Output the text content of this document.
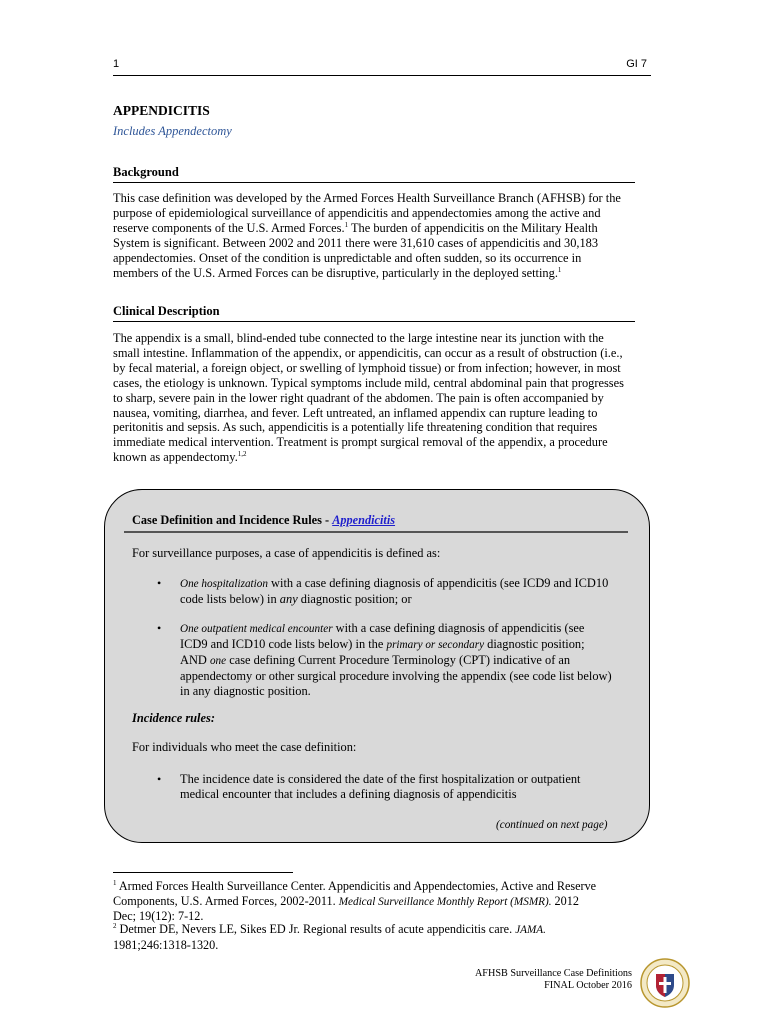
1	GI 7
APPENDICITIS
Includes Appendectomy
Background

This case definition was developed by the Armed Forces Health Surveillance Branch (AFHSB) for the

purpose of epidemiological surveillance of appendicitis and appendectomies among the active and

reserve components of the U.S. Armed Forces.$^1$ The burden of appendicitis on the Military Health

System is significant. Between 2002 and 2011 there were 31,610 cases of appendicitis and 30,183

appendectomies. Onset of the condition is unpredictable and often sudden, so its occurrence in

members of the U.S. Armed Forces can be disruptive, particularly in the deployed setting.$^1$

Clinical Description

The appendix is a small, blind-ended tube connected to the large intestine near its junction with the

small intestine. Inflammation of the appendix, or appendicitis, can occur as a result of obstruction (i.e.,

by fecal material, a foreign object, or swelling of lymphoid tissue) or from infection; however, in most

cases, the etiology is unknown. Typical symptoms include mild, central abdominal pain that progresses

to sharp, severe pain in the lower right quadrant of the abdomen. The pain is often accompanied by

nausea, vomiting, diarrhea, and fever. Left untreated, an inflamed appendix can rupture leading to

peritonitis and sepsis. As such, appendicitis is a potentially life threatening condition that requires

immediate medical intervention. Treatment is prompt surgical removal of the appendix, a procedure

known as appendectomy.$^{1,2}$

Case Definition and Incidence Rules - Appendicitis
For surveillance purposes, a case of appendicitis is defined as:
• One hospitalization with a case defining diagnosis of appendicitis (see ICD9 and ICD10
code lists below) in any diagnostic position; or
• One outpatient medical encounter with a case defining diagnosis of appendicitis (see
ICD9 and ICD10 code lists below) in the primary or secondary diagnostic position;
AND one case defining Current Procedure Terminology (CPT) indicative of an
appendectomy or other surgical procedure involving the appendix (see code list below)
in any diagnostic position.
Incidence rules:
For individuals who meet the case definition:
• The incidence date is considered the date of the first hospitalization or outpatient
medical encounter that includes a defining diagnosis of appendicitis
(continued on next page)

$^1$ Armed Forces Health Surveillance Center. Appendicitis and Appendectomies, Active and Reserve

Components, U.S. Armed Forces, 2002-2011. Medical Surveillance Monthly Report (MSMR). 2012

Dec; 19(12): 7-12.

$^2$ Detmer DE, Nevers LE, Sikes ED Jr. Regional results of acute appendicitis care. JAMA.

1981;246:1318-1320.

AFHSB Surveillance Case Definitions
FINAL October 2016
